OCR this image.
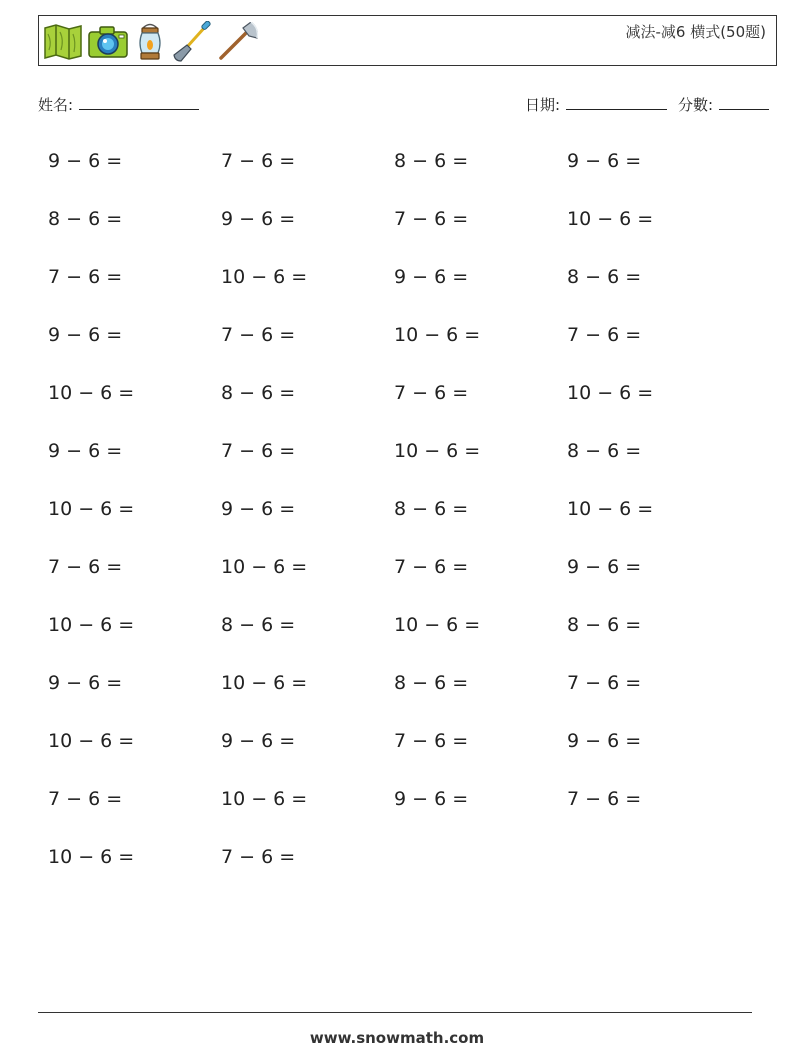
减法-减6 横式(50题)
姓名:	日期:	分數:
9 − 6 =	7 − 6 =	8 − 6 =	9 − 6 =
8 − 6 =	9 − 6 =	7 − 6 =	10 − 6 =
7 − 6 =	10 − 6 =	9 − 6 =	8 − 6 =
9 − 6 =	7 − 6 =	10 − 6 =	7 − 6 =
10 − 6 =	8 − 6 =	7 − 6 =	10 − 6 =
9 − 6 =	7 − 6 =	10 − 6 =	8 − 6 =
10 − 6 =	9 − 6 =	8 − 6 =	10 − 6 =
7 − 6 =	10 − 6 =	7 − 6 =	9 − 6 =
10 − 6 =	8 − 6 =	10 − 6 =	8 − 6 =
9 − 6 =	10 − 6 =	8 − 6 =	7 − 6 =
10 − 6 =	9 − 6 =	7 − 6 =	9 − 6 =
7 − 6 =	10 − 6 =	9 − 6 =	7 − 6 =
10 − 6 =	7 − 6 =
www.snowmath.com
